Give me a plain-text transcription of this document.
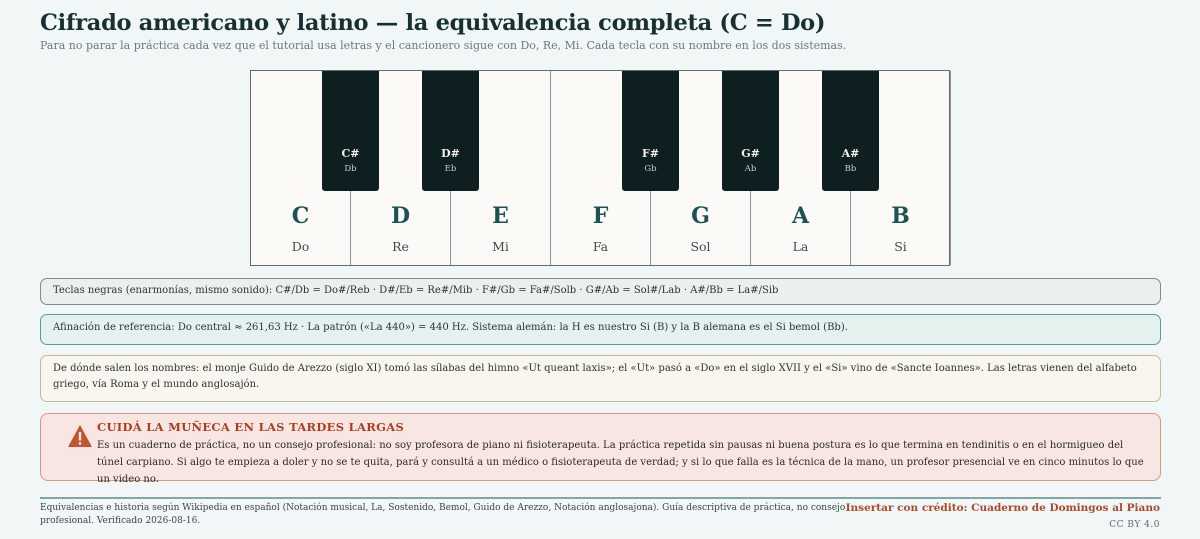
Cifrado americano y latino — la equivalencia completa (C = Do)
Para no parar la práctica cada vez que el tutorial usa letras y el cancionero sigue con Do, Re, Mi. Cada tecla con su nombre en los dos sistemas.
C
Do
D
Re
E
Mi
F
Fa
G
Sol
A
La
B
Si
C#
Db
D#
Eb
F#
Gb
G#
Ab
A#
Bb
Teclas negras (enarmonías, mismo sonido): C#/Db = Do#/Reb · D#/Eb = Re#/Mib · F#/Gb = Fa#/Solb · G#/Ab = Sol#/Lab · A#/Bb = La#/Sib
Afinación de referencia: Do central ≈ 261,63 Hz · La patrón («La 440») = 440 Hz. Sistema alemán: la H es nuestro Si (B) y la B alemana es el Si bemol (Bb).
De dónde salen los nombres: el monje Guido de Arezzo (siglo XI) tomó las sílabas del himno «Ut queant laxis»; el «Ut» pasó a «Do» en el siglo XVII y el «Si» vino de «Sancte Ioannes». Las letras vienen del alfabeto griego, vía Roma y el mundo anglosajón.
CUIDÁ LA MUÑECA EN LAS TARDES LARGAS
Es un cuaderno de práctica, no un consejo profesional: no soy profesora de piano ni fisioterapeuta. La práctica repetida sin pausas ni buena postura es lo que termina en tendinitis o en el hormigueo del túnel carpiano. Si algo te empieza a doler y no se te quita, pará y consultá a un médico o fisioterapeuta de verdad; y si lo que falla es la técnica de la mano, un profesor presencial ve en cinco minutos lo que un video no.
Equivalencias e historia según Wikipedia en español (Notación musical, La, Sostenido, Bemol, Guido de Arezzo, Notación anglosajona). Guía descriptiva de práctica, no consejo profesional. Verificado 2026-08-16.
Insertar con crédito: Cuaderno de Domingos al Piano
CC BY 4.0
